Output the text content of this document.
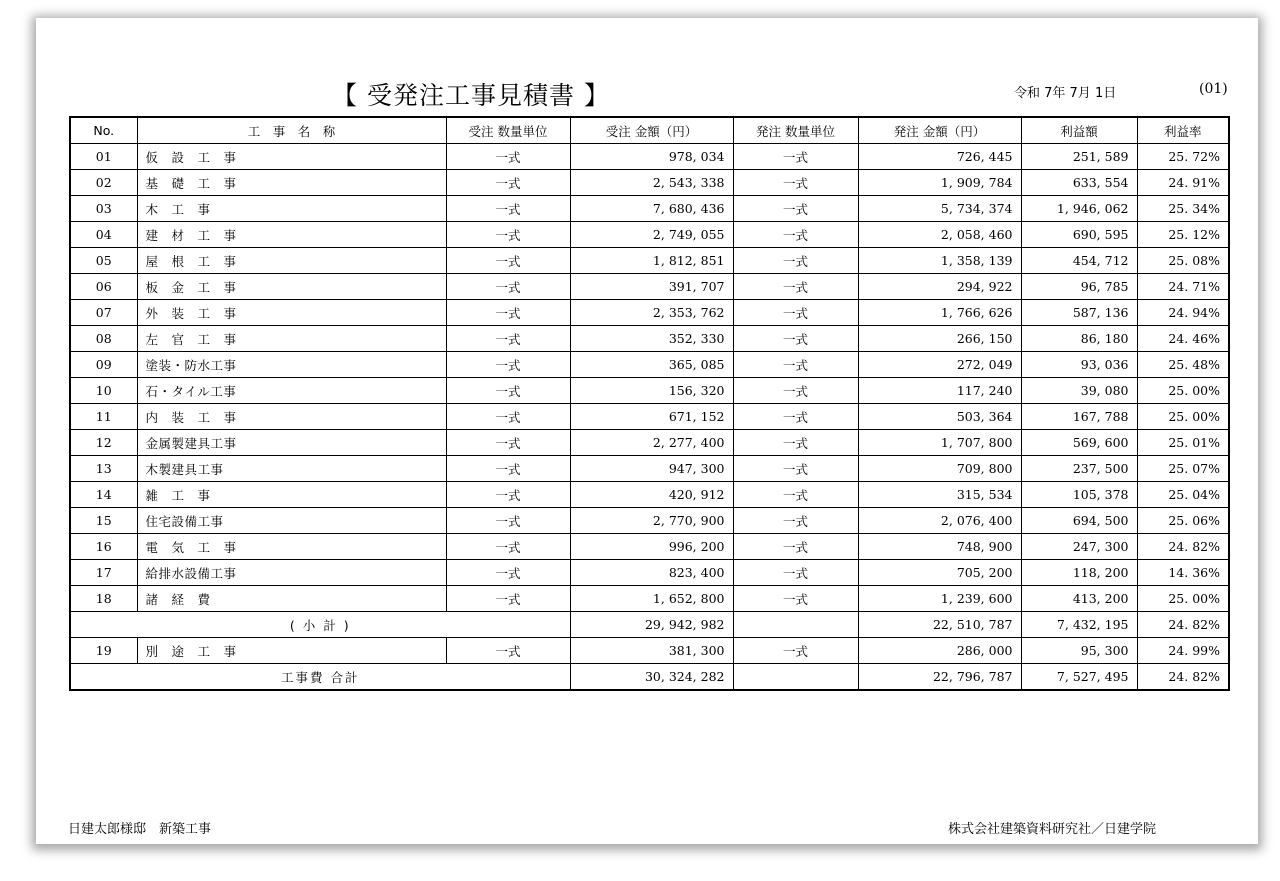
【 受発注工事見積書 】	令和 7年 7月 1日	(01)
No.	工　事　名　称	受注 数量単位	受注 金額（円）	発注 数量単位	発注 金額（円）	利益額	利益率
01	仮　設　工　事	一式	978, 034	一式	726, 445	251, 589	25. 72%
02	基　礎　工　事	一式	2, 543, 338	一式	1, 909, 784	633, 554	24. 91%
03	木　工　事	一式	7, 680, 436	一式	5, 734, 374	1, 946, 062	25. 34%
04	建　材　工　事	一式	2, 749, 055	一式	2, 058, 460	690, 595	25. 12%
05	屋　根　工　事	一式	1, 812, 851	一式	1, 358, 139	454, 712	25. 08%
06	板　金　工　事	一式	391, 707	一式	294, 922	96, 785	24. 71%
07	外　装　工　事	一式	2, 353, 762	一式	1, 766, 626	587, 136	24. 94%
08	左　官　工　事	一式	352, 330	一式	266, 150	86, 180	24. 46%
09	塗装・防水工事	一式	365, 085	一式	272, 049	93, 036	25. 48%
10	石・タイル工事	一式	156, 320	一式	117, 240	39, 080	25. 00%
11	内　装　工　事	一式	671, 152	一式	503, 364	167, 788	25. 00%
12	金属製建具工事	一式	2, 277, 400	一式	1, 707, 800	569, 600	25. 01%
13	木製建具工事	一式	947, 300	一式	709, 800	237, 500	25. 07%
14	雑　工　事	一式	420, 912	一式	315, 534	105, 378	25. 04%
15	住宅設備工事	一式	2, 770, 900	一式	2, 076, 400	694, 500	25. 06%
16	電　気　工　事	一式	996, 200	一式	748, 900	247, 300	24. 82%
17	給排水設備工事	一式	823, 400	一式	705, 200	118, 200	14. 36%
18	諸　経　費	一式	1, 652, 800	一式	1, 239, 600	413, 200	25. 00%
( 小 計 )			29, 942, 982		22, 510, 787	7, 432, 195	24. 82%
19	別　途　工　事	一式	381, 300	一式	286, 000	95, 300	24. 99%
工事費 合計			30, 324, 282		22, 796, 787	7, 527, 495	24. 82%
日建太郎様邸　新築工事	株式会社建築資料研究社／日建学院
